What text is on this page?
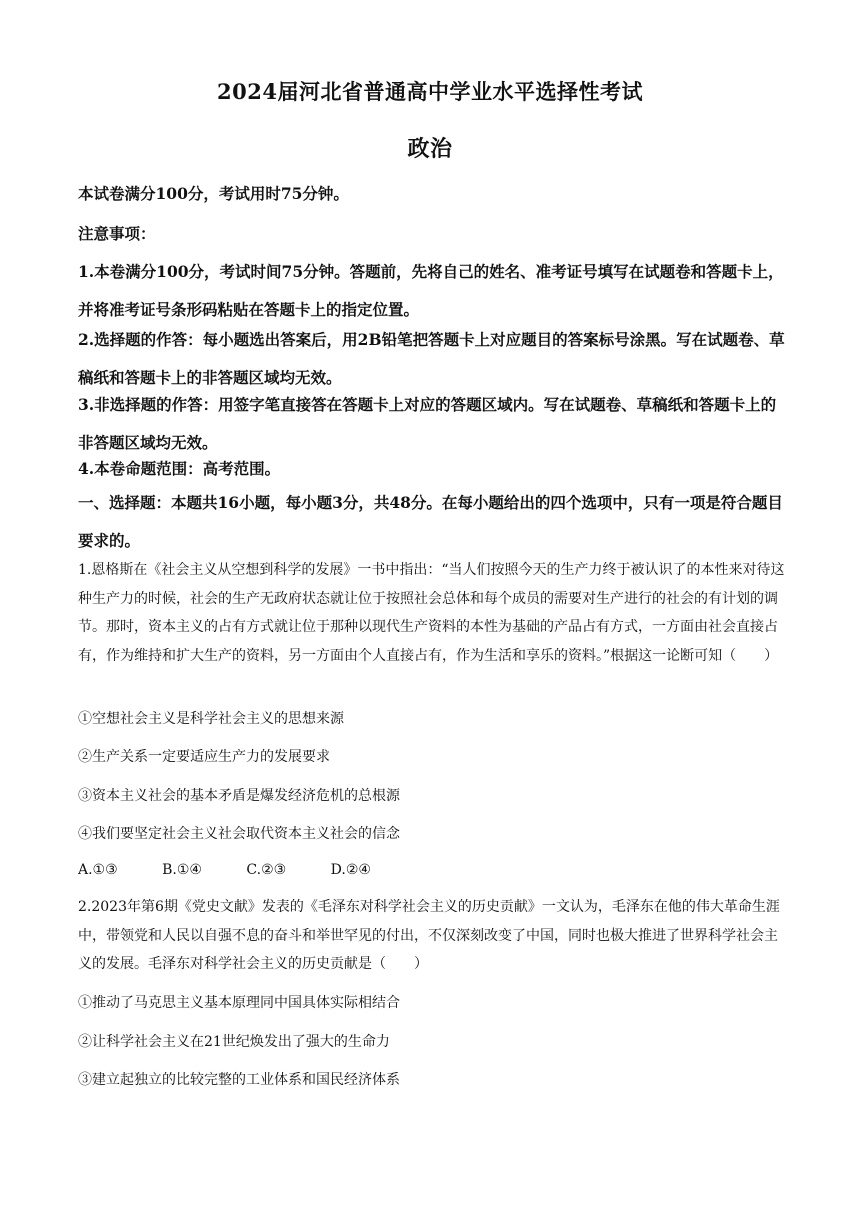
2024届河北省普通高中学业水平选择性考试
政治
本试卷满分100分，考试用时75分钟。
注意事项：

1.本卷满分100分，考试时间75分钟。答题前，先将自己的姓名、准考证号填写在试题卷和答题卡上，并将准考证号条形码粘贴在答题卡上的指定位置。

2.选择题的作答：每小题选出答案后，用2B铅笔把答题卡上对应题目的答案标号涂黑。写在试题卷、草稿纸和答题卡上的非答题区域均无效。

3.非选择题的作答：用签字笔直接答在答题卡上对应的答题区域内。写在试题卷、草稿纸和答题卡上的非答题区域均无效。

4.本卷命题范围：高考范围。

一、选择题：本题共16小题，每小题3分，共48分。在每小题给出的四个选项中，只有一项是符合题目要求的。

1.恩格斯在《社会主义从空想到科学的发展》一书中指出：“当人们按照今天的生产力终于被认识了的本性来对待这种生产力的时候，社会的生产无政府状态就让位于按照社会总体和每个成员的需要对生产进行的社会的有计划的调节。那时，资本主义的占有方式就让位于那种以现代生产资料的本性为基础的产品占有方式，一方面由社会直接占有，作为维持和扩大生产的资料，另一方面由个人直接占有，作为生活和享乐的资料。”根据这一论断可知（　　）

①空想社会主义是科学社会主义的思想来源
②生产关系一定要适应生产力的发展要求
③资本主义社会的基本矛盾是爆发经济危机的总根源
④我们要坚定社会主义社会取代资本主义社会的信念
A.①③	B.①④	C.②③	D.②④

2.2023年第6期《党史文献》发表的《毛泽东对科学社会主义的历史贡献》一文认为，毛泽东在他的伟大革命生涯中，带领党和人民以自强不息的奋斗和举世罕见的付出，不仅深刻改变了中国，同时也极大推进了世界科学社会主义的发展。毛泽东对科学社会主义的历史贡献是（　　）

①推动了马克思主义基本原理同中国具体实际相结合
②让科学社会主义在21世纪焕发出了强大的生命力
③建立起独立的比较完整的工业体系和国民经济体系
